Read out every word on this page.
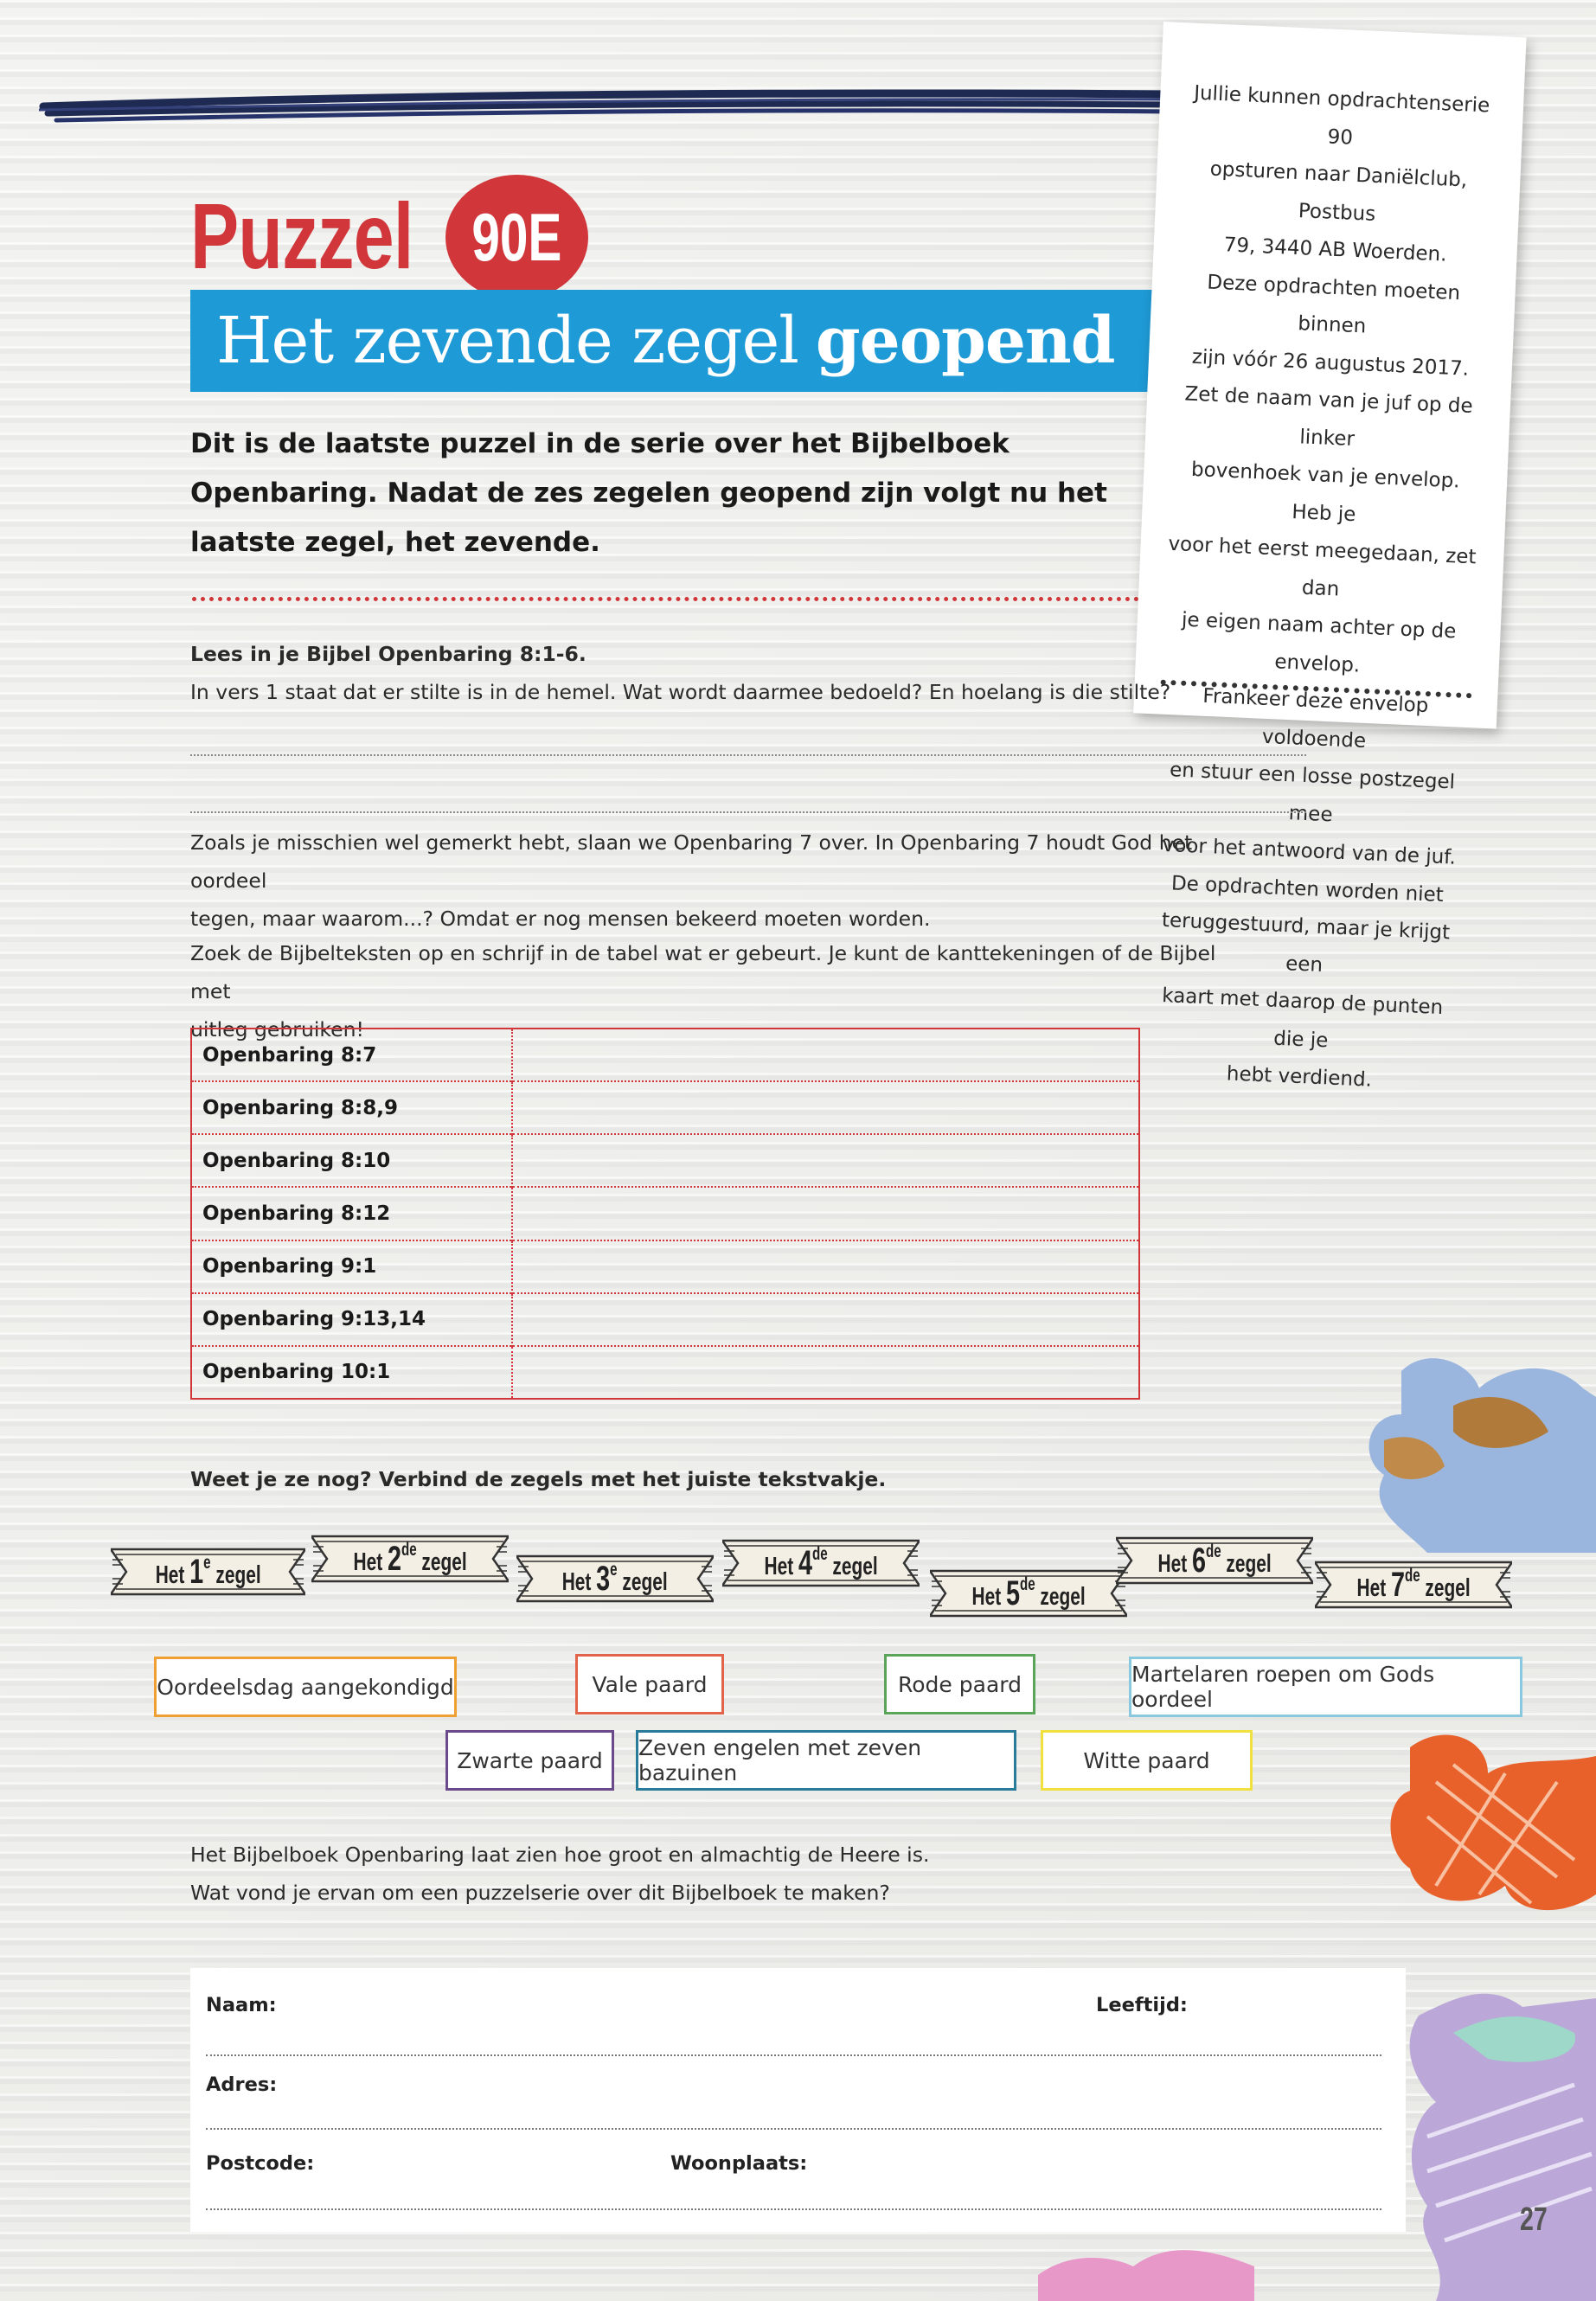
Puzzel 90E
Het zevende zegel geopend
Dit is de laatste puzzel in de serie over het Bijbelboek Openbaring. Nadat de zes zegelen geopend zijn volgt nu het laatste zegel, het zevende.
Jullie kunnen opdrachtenserie 90
opsturen naar Daniëlclub, Postbus
79, 3440 AB Woerden.
Deze opdrachten moeten binnen
zijn vóór 26 augustus 2017.
Zet de naam van je juf op de linker
bovenhoek van je envelop. Heb je
voor het eerst meegedaan, zet dan
je eigen naam achter op de envelop.
Frankeer deze envelop voldoende
en stuur een losse postzegel mee
voor het antwoord van de juf.
De opdrachten worden niet
teruggestuurd, maar je krijgt een
kaart met daarop de punten die je
hebt verdiend.
Lees in je Bijbel Openbaring 8:1-6.
In vers 1 staat dat er stilte is in de hemel. Wat wordt daarmee bedoeld? En hoelang is die stilte?
Zoals je misschien wel gemerkt hebt, slaan we Openbaring 7 over. In Openbaring 7 houdt God het oordeel
tegen, maar waarom...? Omdat er nog mensen bekeerd moeten worden.
Zoek de Bijbelteksten op en schrijf in de tabel wat er gebeurt. Je kunt de kanttekeningen of de Bijbel met
uitleg gebruiken!
Openbaring 8:7	
Openbaring 8:8,9	
Openbaring 8:10	
Openbaring 8:12	
Openbaring 9:1	
Openbaring 9:13,14	
Openbaring 10:1	
Weet je ze nog? Verbind de zegels met het juiste tekstvakje.
Het 1e zegel	Het 2de zegel
Het 3e zegel
Het 4de zegel
Het 5de zegel
Het 6de zegel
Het 7de zegel
Oordeelsdag aangekondigd	Vale paard	Rode paard	Martelaren roepen om Gods oordeel
Zwarte paard	Zeven engelen met zeven bazuinen	Witte paard
Het Bijbelboek Openbaring laat zien hoe groot en almachtig de Heere is.
Wat vond je ervan om een puzzelserie over dit Bijbelboek te maken?
Naam:	Leeftijd:
Adres:
Postcode:	Woonplaats:
27
